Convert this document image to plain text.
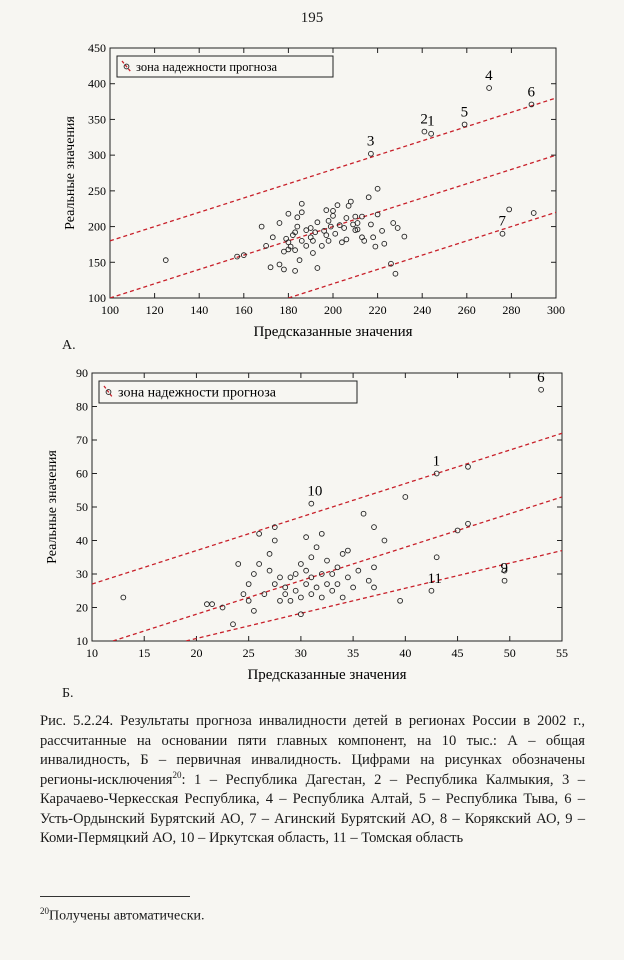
195
100 120 140 160 180 200 220 240 260 280 300
100
150
200
250
300
350
400
450
Предсказанные значения
Реальные значения	1
2
3
4
5
6
7
зона надежности прогноза
А.
10	15	20	25	30	35	40	45	50	55
10
20
30
40
50
60
70
80
90
Предсказанные значения
Реальные значения	1
6
9
10
11
зона надежности прогноза
Б.
Рис. 5.2.24. Результаты прогноза инвалидности детей в регионах России в 2002 г., рассчитанные на основании пяти главных компонент, на 10 тыс.: А – общая инвалидность, Б – первичная инвалидность. Цифрами на рисунках обозначены регионы-исключения$^{20}$: 1 – Республика Дагестан, 2 – Республика Калмыкия, 3 – Карачаево-Черкесская Республика, 4 – Республика Алтай, 5 – Республика Тыва, 6 – Усть-Ордынский Бурятский АО, 7 – Агинский Бурятский АО, 8 – Корякский АО, 9 – Коми-Пермяцкий АО, 10 – Иркутская область, 11 – Томская область
$^{20}$Получены автоматически.
